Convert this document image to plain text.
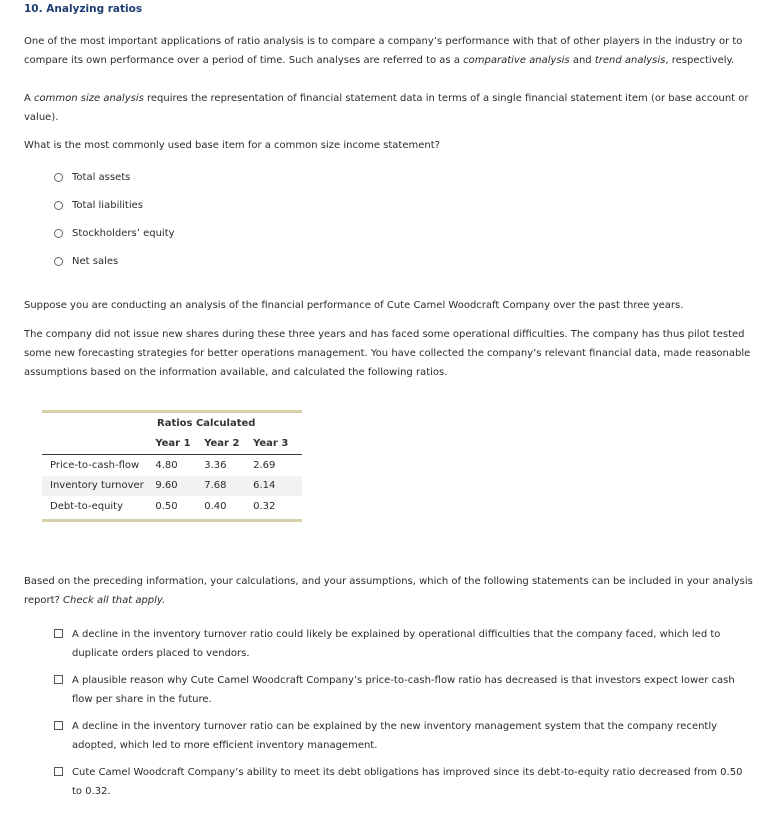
10. Analyzing ratios
One of the most important applications of ratio analysis is to compare a company’s performance with that of other players in the industry or to compare its own performance over a period of time. Such analyses are referred to as a comparative analysis and trend analysis, respectively.
A common size analysis requires the representation of financial statement data in terms of a single financial statement item (or base account or value).
What is the most commonly used base item for a common size income statement?
Total assets
Total liabilities
Stockholders’ equity
Net sales
Suppose you are conducting an analysis of the financial performance of Cute Camel Woodcraft Company over the past three years.
The company did not issue new shares during these three years and has faced some operational difficulties. The company has thus pilot tested some new forecasting strategies for better operations management. You have collected the company’s relevant financial data, made reasonable assumptions based on the information available, and calculated the following ratios.
Ratios Calculated			
	Year 1	Year 2	Year 3
Price-to-cash-flow	4.80	3.36	2.69
Inventory turnover	9.60	7.68	6.14
Debt-to-equity	0.50	0.40	0.32
Based on the preceding information, your calculations, and your assumptions, which of the following statements can be included in your analysis report? Check all that apply.
A decline in the inventory turnover ratio could likely be explained by operational difficulties that the company faced, which led to duplicate orders placed to vendors.
A plausible reason why Cute Camel Woodcraft Company’s price-to-cash-flow ratio has decreased is that investors expect lower cash flow per share in the future.
A decline in the inventory turnover ratio can be explained by the new inventory management system that the company recently adopted, which led to more efficient inventory management.
Cute Camel Woodcraft Company’s ability to meet its debt obligations has improved since its debt-to-equity ratio decreased from 0.50 to 0.32.
